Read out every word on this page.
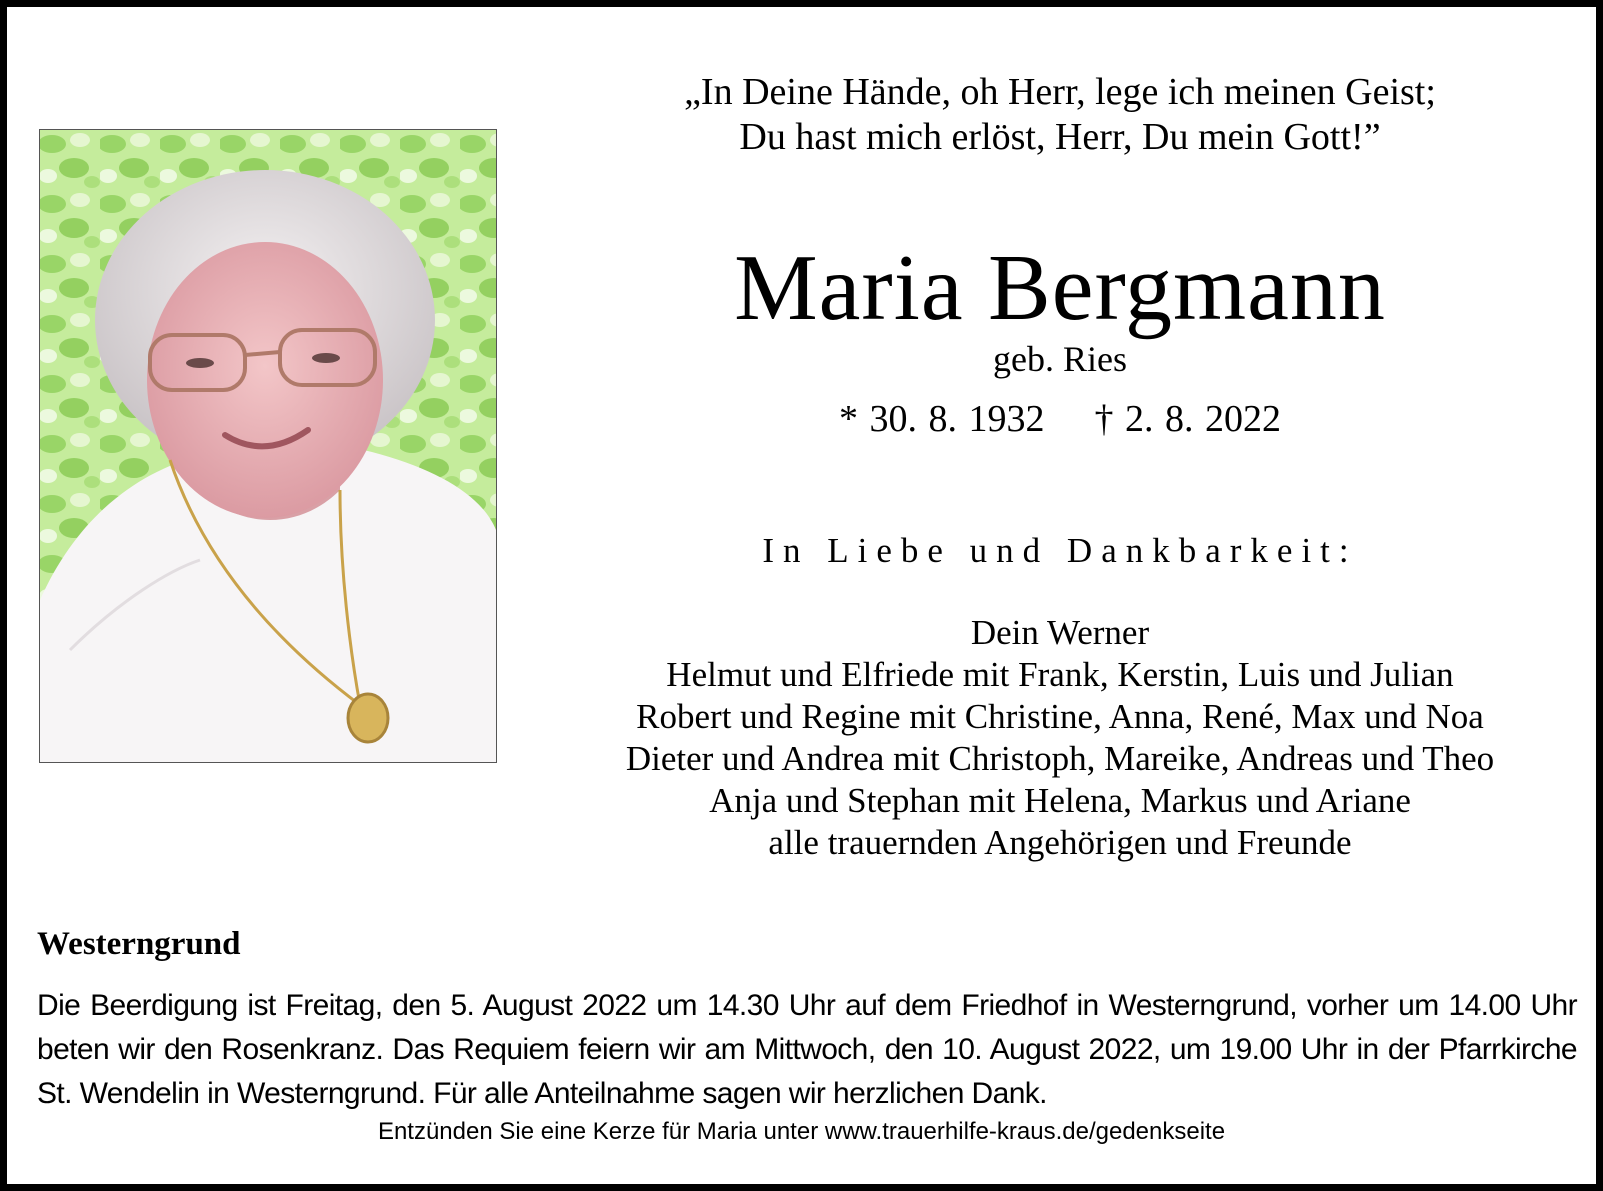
„In Deine Hände, oh Herr, lege ich meinen Geist;
Du hast mich erlöst, Herr, Du mein Gott!”
Maria Bergmann
geb. Ries
* 30. 8. 1932 † 2. 8. 2022
In Liebe und Dankbarkeit:
Dein Werner
Helmut und Elfriede mit Frank, Kerstin, Luis und Julian
Robert und Regine mit Christine, Anna, René, Max und Noa
Dieter und Andrea mit Christoph, Mareike, Andreas und Theo
Anja und Stephan mit Helena, Markus und Ariane
alle trauernden Angehörigen und Freunde
Westerngrund
Die Beerdigung ist Freitag, den 5. August 2022 um 14.30 Uhr auf dem Friedhof in Westerngrund, vorher um 14.00 Uhr beten wir den Rosenkranz. Das Requiem feiern wir am Mittwoch, den 10. August 2022, um 19.00 Uhr in der Pfarrkirche St. Wendelin in Westerngrund. Für alle Anteilnahme sagen wir herzlichen Dank.
Entzünden Sie eine Kerze für Maria unter www.trauerhilfe-kraus.de/gedenkseite
